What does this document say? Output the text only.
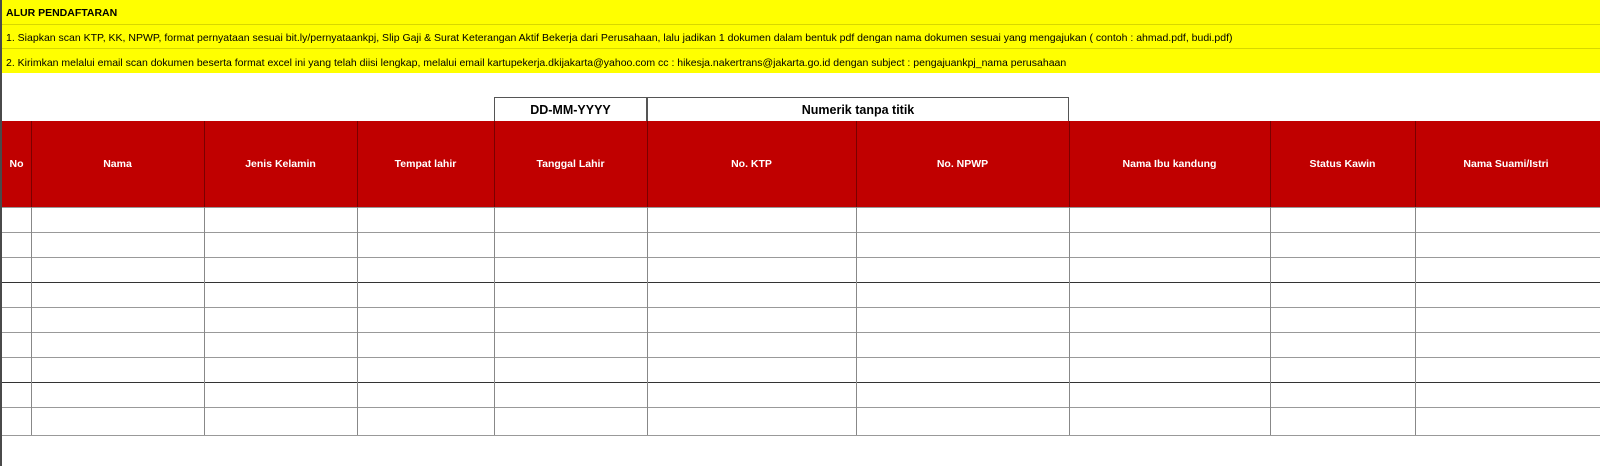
ALUR PENDAFTARAN
1. Siapkan scan KTP, KK, NPWP, format pernyataan sesuai bit.ly/pernyataankpj, Slip Gaji & Surat Keterangan Aktif Bekerja dari Perusahaan, lalu jadikan 1 dokumen dalam bentuk pdf dengan nama dokumen sesuai yang mengajukan ( contoh : ahmad.pdf, budi.pdf)
2. Kirimkan melalui email scan dokumen beserta format excel ini yang telah diisi lengkap, melalui email kartupekerja.dkijakarta@yahoo.com cc : hikesja.nakertrans@jakarta.go.id dengan subject : pengajuankpj_nama perusahaan
DD-MM-YYYY	Numerik tanpa titik
No	Nama	Jenis Kelamin	Tempat lahir	Tanggal Lahir	No. KTP	No. NPWP	Nama Ibu kandung	Status Kawin	Nama Suami/Istri
